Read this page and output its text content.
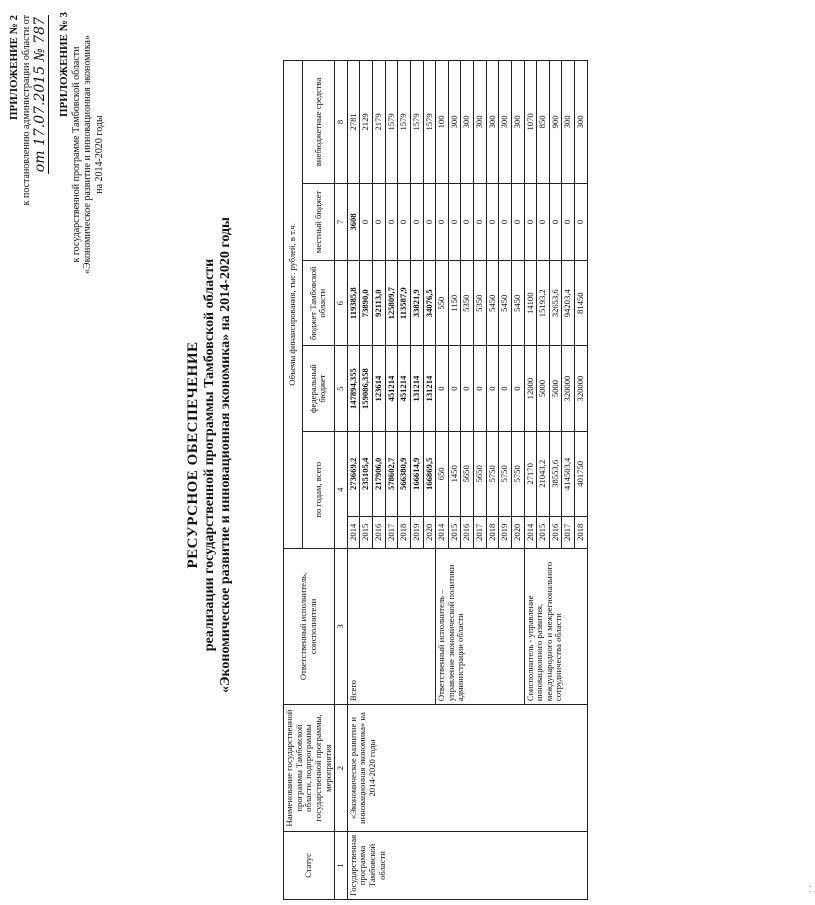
ПРИЛОЖЕНИЕ № 2 к постановлению администрации области от от 17.07.2015 № 787 ПРИЛОЖЕНИЕ № 3 к государственной программе Тамбовской области «Экономическое развитие и инновационная экономика» на 2014-2020 годы
РЕСУРСНОЕ ОБЕСПЕЧЕНИЕ реализации государственной программы Тамбовской области «Экономическое развитие и инновационная экономика» на 2014-2020 годы
Статус	Наименование государственной программы Тамбовской области, подпрограммы государственной программы, мероприятия	Ответственный исполнитель, соисполнители	Объемы финансирования, тыс. рублей, в т.ч.					
			по годам, всего		федеральный бюджет	бюджет Тамбовской области	местный бюджет	внебюджетные средства
1	2	3	4		5	6	7	8
Государственная программа Тамбовской области	«Экономическое развитие и инновационная экономика» на 2014-2020 годы	Всего	2014	273669,2	147894,355	119385,8	3608	2781
			2015	235105,4	159086,358	73890,0	0	2129
			2016	217906,0	123614	92113,0	0	2179
			2017	578602,7	451214	125809,7	0	1579
			2018	566380,9	451214	113587,9	0	1579
			2019	166614,9	131214	33821,9	0	1579
			2020	166869,5	131214	34076,5	0	1579
		Ответственный исполнитель – управление экономической политики администрации области	2014	650	0	550	0	100
			2015	1450	0	1150	0	300
			2016	5650	0	5350	0	300
			2017	5650	0	5350	0	300
			2018	5750	0	5450	0	300
			2019	5750	0	5450	0	300
			2020	5750	0	5450	0	300
		Соисполнитель - управление инновационного развития, международного и межрегионального сотрудничества области	2014	27170	12000	14100	0	1070
			2015	21043,2	5000	15193,2	0	850
			2016	38553,6	5000	32653,6	0	900
			2017	414503,4	320000	94203,4	0	300
			2018	401750	320000	81450	0	300
· ·
